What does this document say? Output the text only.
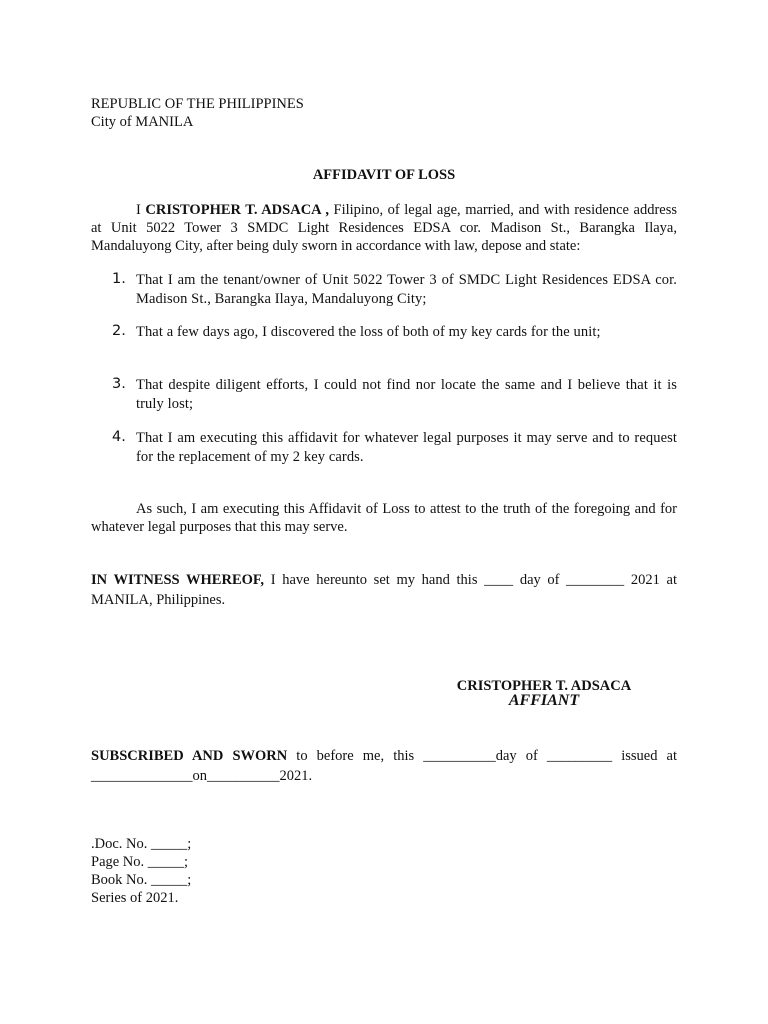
REPUBLIC OF THE PHILIPPINES
City of MANILA
AFFIDAVIT OF LOSS
I CRISTOPHER T. ADSACA , Filipino, of legal age, married, and with residence address at Unit 5022 Tower 3 SMDC Light Residences EDSA cor. Madison St., Barangka Ilaya, Mandaluyong City, after being duly sworn in accordance with law, depose and state:
1. That I am the tenant/owner of Unit 5022 Tower 3 of SMDC Light Residences EDSA cor. Madison St., Barangka Ilaya, Mandaluyong City;
2. That a few days ago, I discovered the loss of both of my key cards for the unit;
3. That despite diligent efforts, I could not find nor locate the same and I believe that it is truly lost;
4. That I am executing this affidavit for whatever legal purposes it may serve and to request for the replacement of my 2 key cards.
As such, I am executing this Affidavit of Loss to attest to the truth of the foregoing and for whatever legal purposes that this may serve.
IN WITNESS WHEREOF, I have hereunto set my hand this ____ day of ________ 2021 at MANILA, Philippines.
CRISTOPHER T. ADSACA
AFFIANT
SUBSCRIBED AND SWORN to before me, this __________day of _________ issued at ______________on__________2021.
.Doc. No. _____;
Page No. _____;
Book No. _____;
Series of 2021.
